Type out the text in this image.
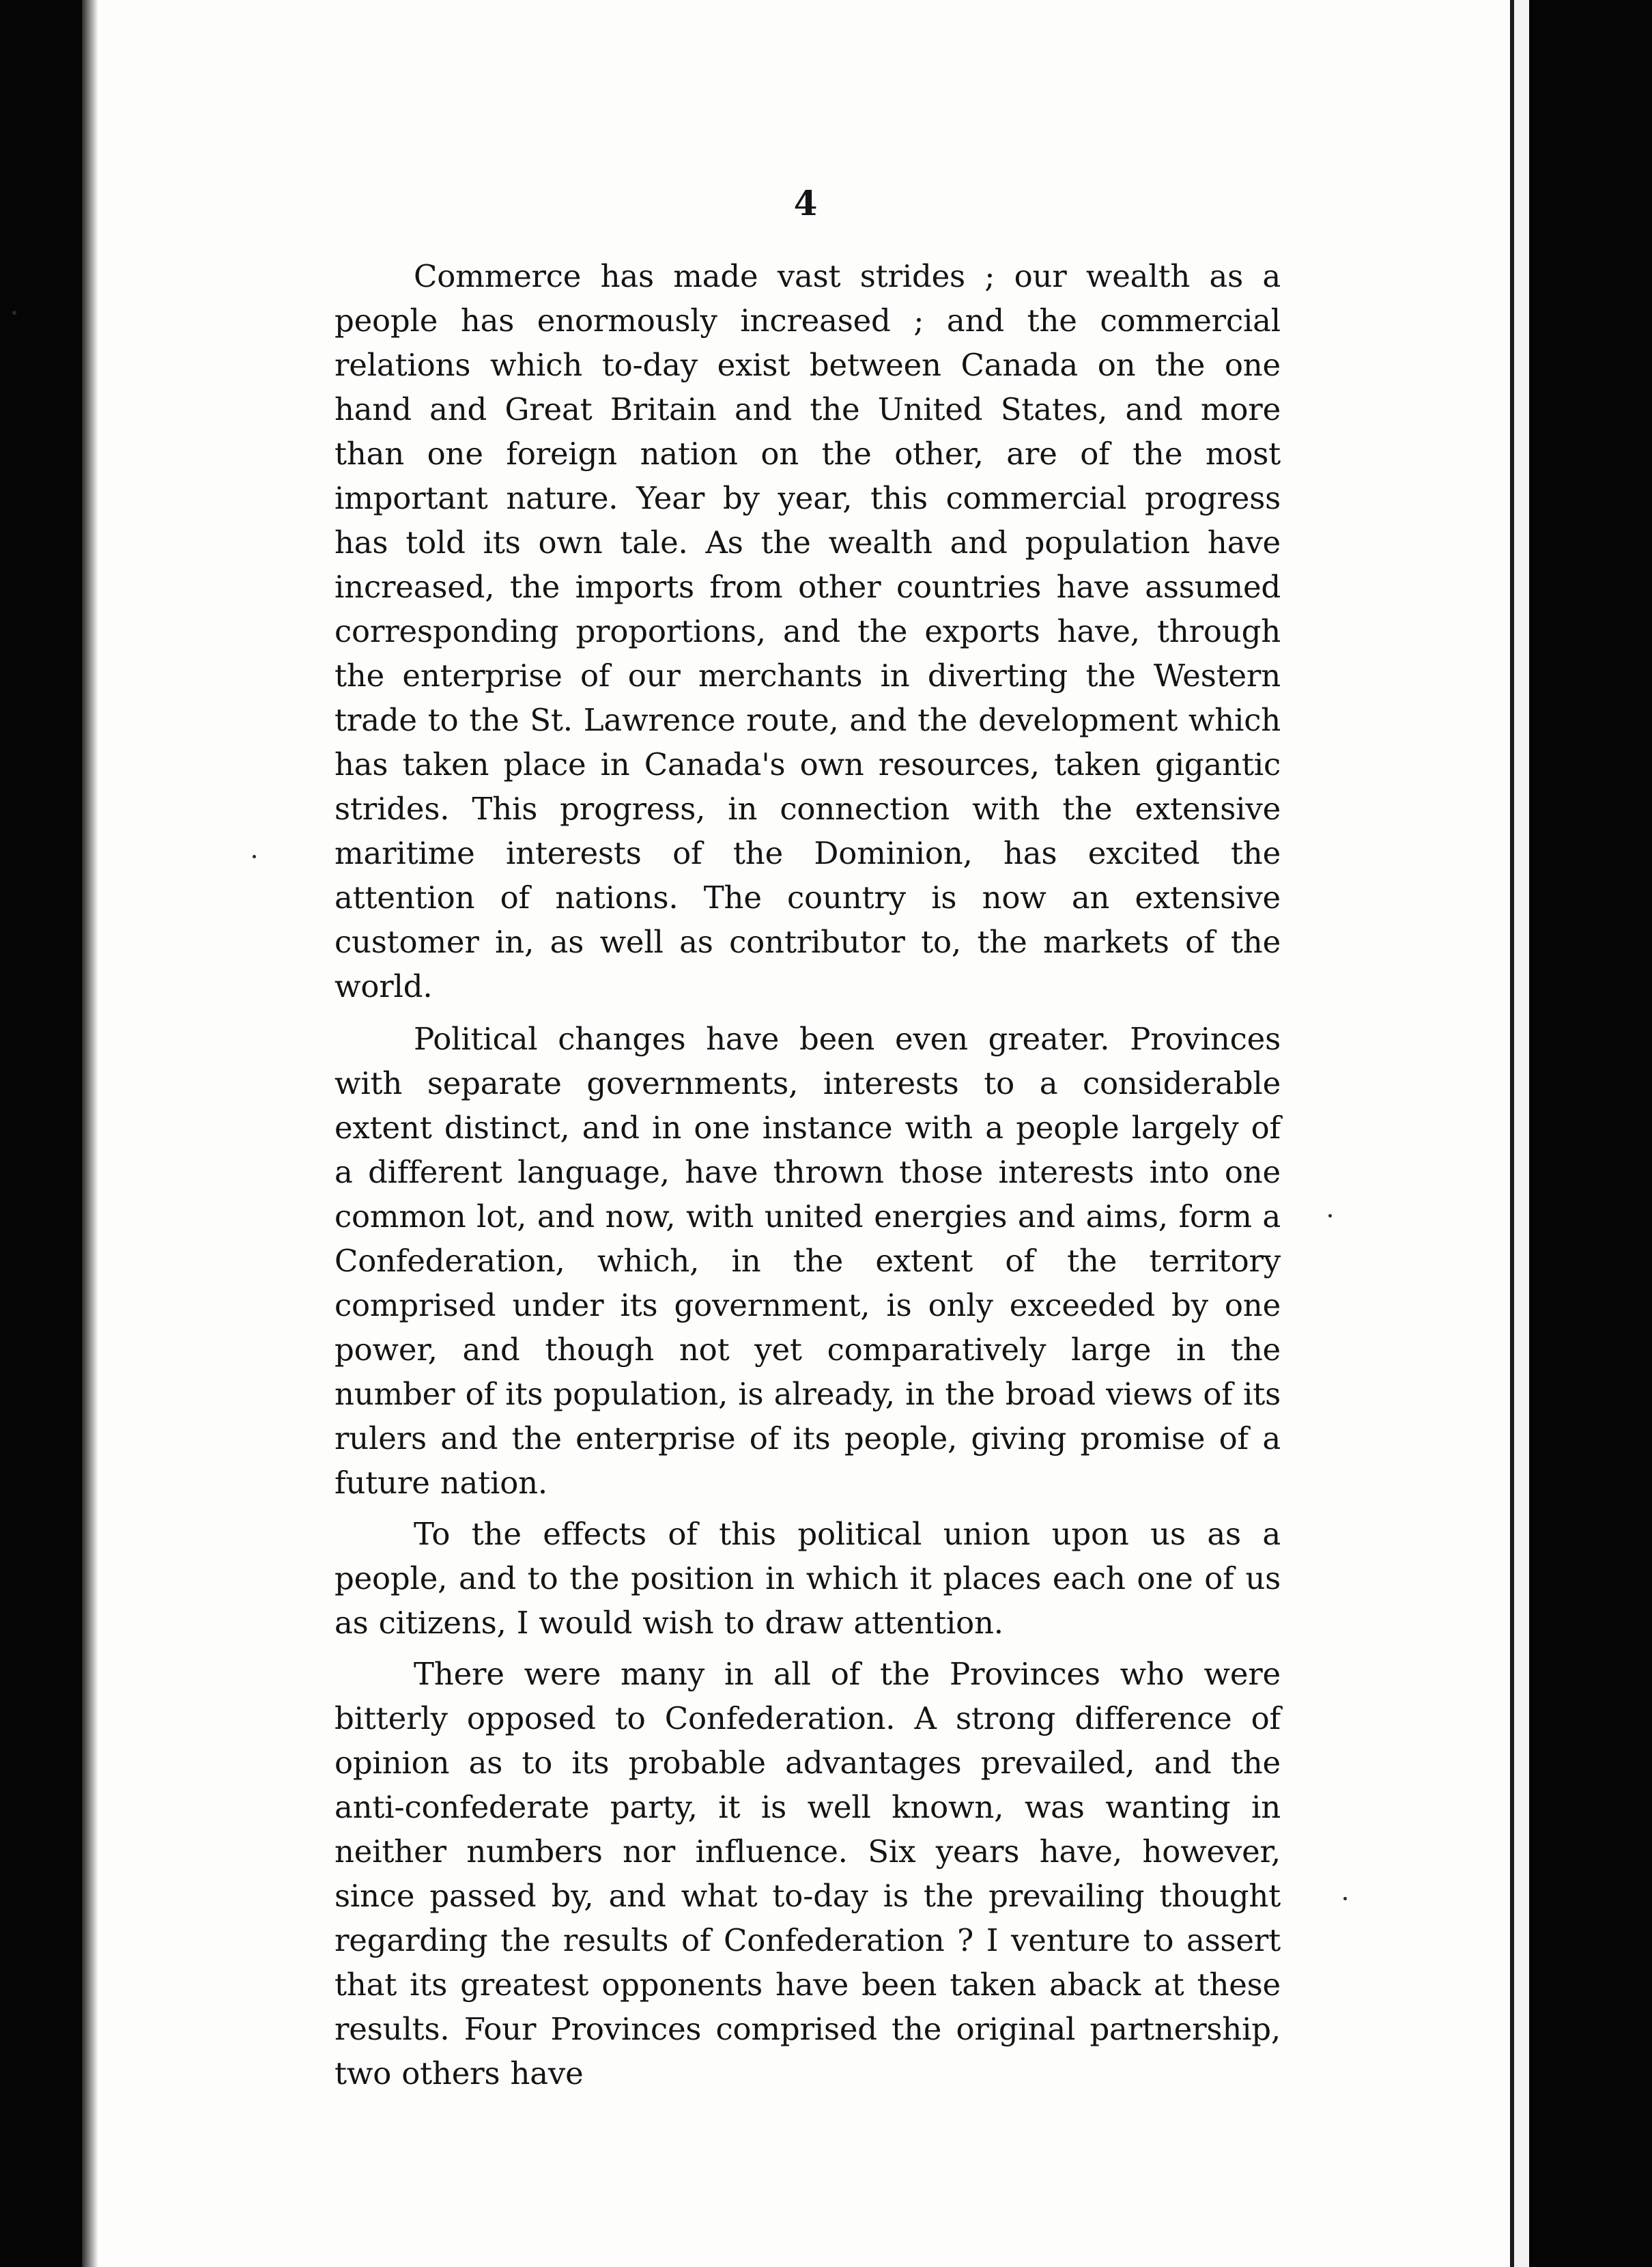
4

Commerce has made vast strides ; our wealth as a people has enormously increased ; and the commercial relations which to-day exist between Canada on the one hand and Great Britain and the United States, and more than one foreign nation on the other, are of the most important nature. Year by year, this commercial progress has told its own tale. As the wealth and population have increased, the imports from other countries have assumed corresponding proportions, and the exports have, through the enterprise of our merchants in diverting the Western trade to the St. Lawrence route, and the development which has taken place in Canada's own resources, taken gigantic strides. This progress, in connection with the extensive maritime interests of the Dominion, has excited the attention of nations. The country is now an extensive customer in, as well as contributor to, the markets of the world.

Political changes have been even greater. Provinces with separate governments, interests to a considerable extent distinct, and in one instance with a people largely of a different language, have thrown those interests into one common lot, and now, with united energies and aims, form a Confederation, which, in the extent of the territory comprised under its government, is only exceeded by one power, and though not yet comparatively large in the number of its population, is already, in the broad views of its rulers and the enterprise of its people, giving promise of a future nation.

To the effects of this political union upon us as a people, and to the position in which it places each one of us as citizens, I would wish to draw attention.

There were many in all of the Provinces who were bitterly opposed to Confederation. A strong difference of opinion as to its probable advantages prevailed, and the anti-confederate party, it is well known, was wanting in neither numbers nor influence. Six years have, however, since passed by, and what to-day is the prevailing thought regarding the results of Confederation ? I venture to assert that its greatest opponents have been taken aback at these results. Four Provinces comprised the original partnership, two others have
